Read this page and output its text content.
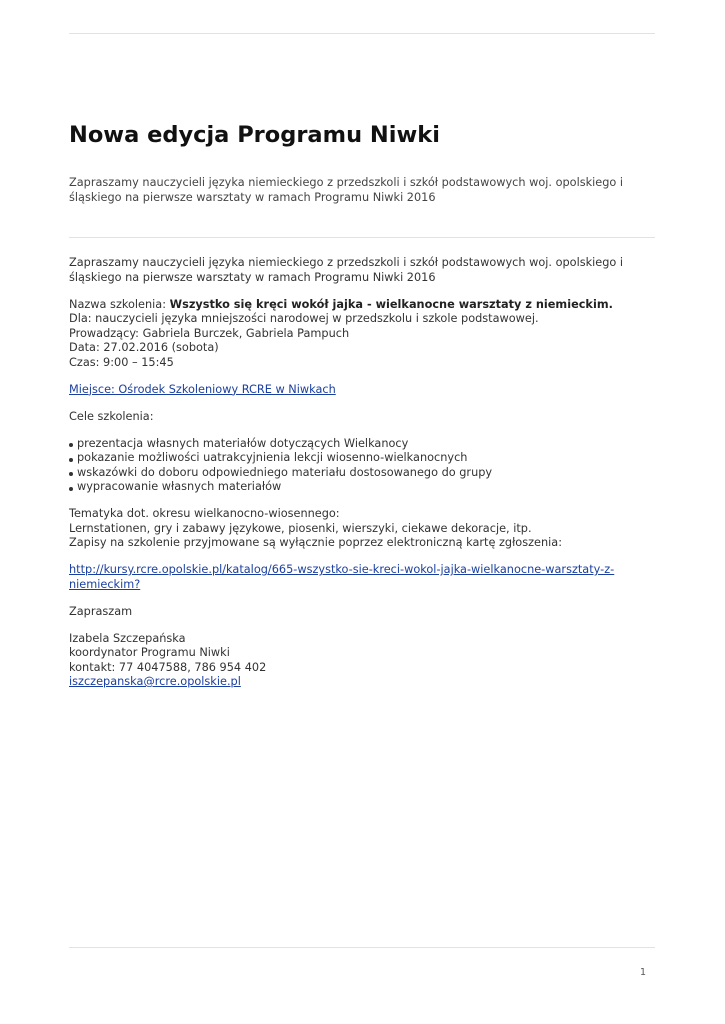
Nowa edycja Programu Niwki

Zapraszamy nauczycieli języka niemieckiego z przedszkoli i szkół podstawowych woj. opolskiego i śląskiego na pierwsze warsztaty w ramach Programu Niwki 2016

Zapraszamy nauczycieli języka niemieckiego z przedszkoli i szkół podstawowych woj. opolskiego i śląskiego na pierwsze warsztaty w ramach Programu Niwki 2016

Nazwa szkolenia: Wszystko się kręci wokół jajka - wielkanocne warsztaty z niemieckim.
Dla: nauczycieli języka mniejszości narodowej w przedszkolu i szkole podstawowej.
Prowadzący: Gabriela Burczek, Gabriela Pampuch
Data: 27.02.2016 (sobota)
Czas: 9:00 – 15:45

Miejsce: Ośrodek Szkoleniowy RCRE w Niwkach

Cele szkolenia:

prezentacja własnych materiałów dotyczących Wielkanocy
pokazanie możliwości uatrakcyjnienia lekcji wiosenno-wielkanocnych
wskazówki do doboru odpowiedniego materiału dostosowanego do grupy
wypracowanie własnych materiałów
Tematyka dot. okresu wielkanocno-wiosennego:
Lernstationen, gry i zabawy językowe, piosenki, wierszyki, ciekawe dekoracje, itp.
Zapisy na szkolenie przyjmowane są wyłącznie poprzez elektroniczną kartę zgłoszenia:

http://kursy.rcre.opolskie.pl/katalog/665-wszystko-sie-kreci-wokol-jajka-wielkanocne-warsztaty-z-niemieckim?

Zapraszam

Izabela Szczepańska
koordynator Programu Niwki
kontakt: 77 4047588, 786 954 402
iszczepanska@rcre.opolskie.pl
1
